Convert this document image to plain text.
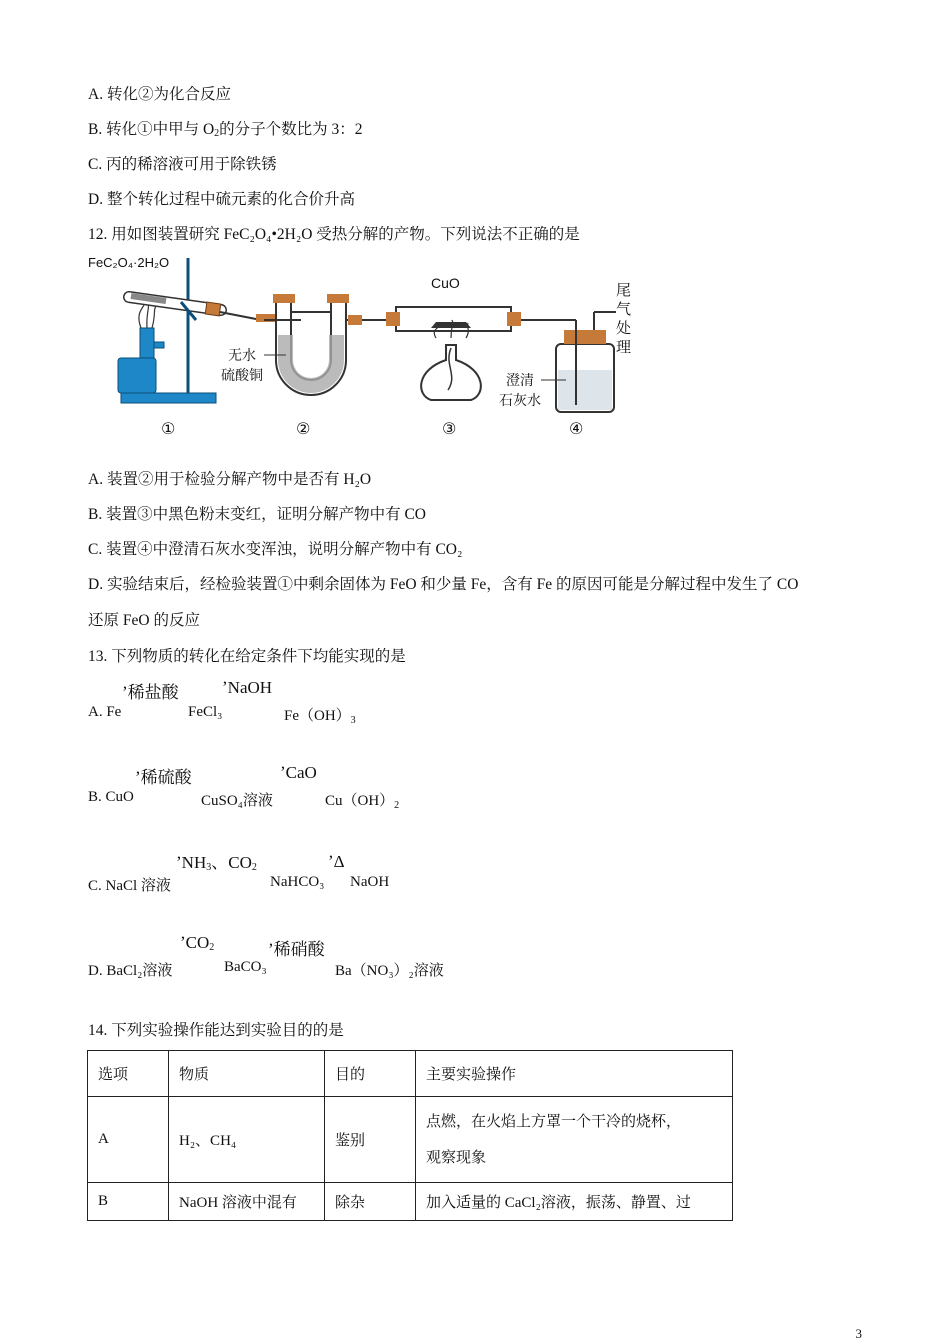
A. 转化②为化合反应
B. 转化①中甲与 $O_2$的分子个数比为 3：2
C. 丙的稀溶液可用于除铁锈
D. 整个转化过程中硫元素的化合价升高
12. 用如图装置研究 FeC₂O₄•2H₂O 受热分解的产物。下列说法不正确的是
FeC₂O₄·2H₂O
无水
硫酸铜
CuO
澄清
石灰水
尾
气
处
理
①	②	③	④
A. 装置②用于检验分解产物中是否有 H₂O
B. 装置③中黑色粉末变红，证明分解产物中有 CO
C. 装置④中澄清石灰水变浑浊，说明分解产物中有 CO₂
D. 实验结束后，经检验装置①中剩余固体为 FeO 和少量 Fe，含有 Fe 的原因可能是分解过程中发生了 CO
还原 FeO 的反应
13. 下列物质的转化在给定条件下均能实现的是
ʼ稀盐酸	ʼNaOH
A. Fe	FeCl₃	$Fe(OH)_3$
ʼ稀硫酸	ʼCaO
B. CuO	CuSO₄溶液	$Cu(OH)_2$
ʼNH$_3$、$CO_2$	ʼΔ
C. NaCl 溶液	NaHCO₃ NaOH
ʼCO$_2$	ʼ稀硝酸
D. BaCl₂溶液	BaCO₃	Ba（NO₃）₂溶液
14. 下列实验操作能达到实验目的的是
选项	物质	目的	主要实验操作
A	H₂、CH₄	鉴别	点燃，在火焰上方罩一个干冷的烧杯，
观察现象
B	NaOH 溶液中混有	除杂	加入适量的 CaCl₂溶液，振荡、静置、过
3
